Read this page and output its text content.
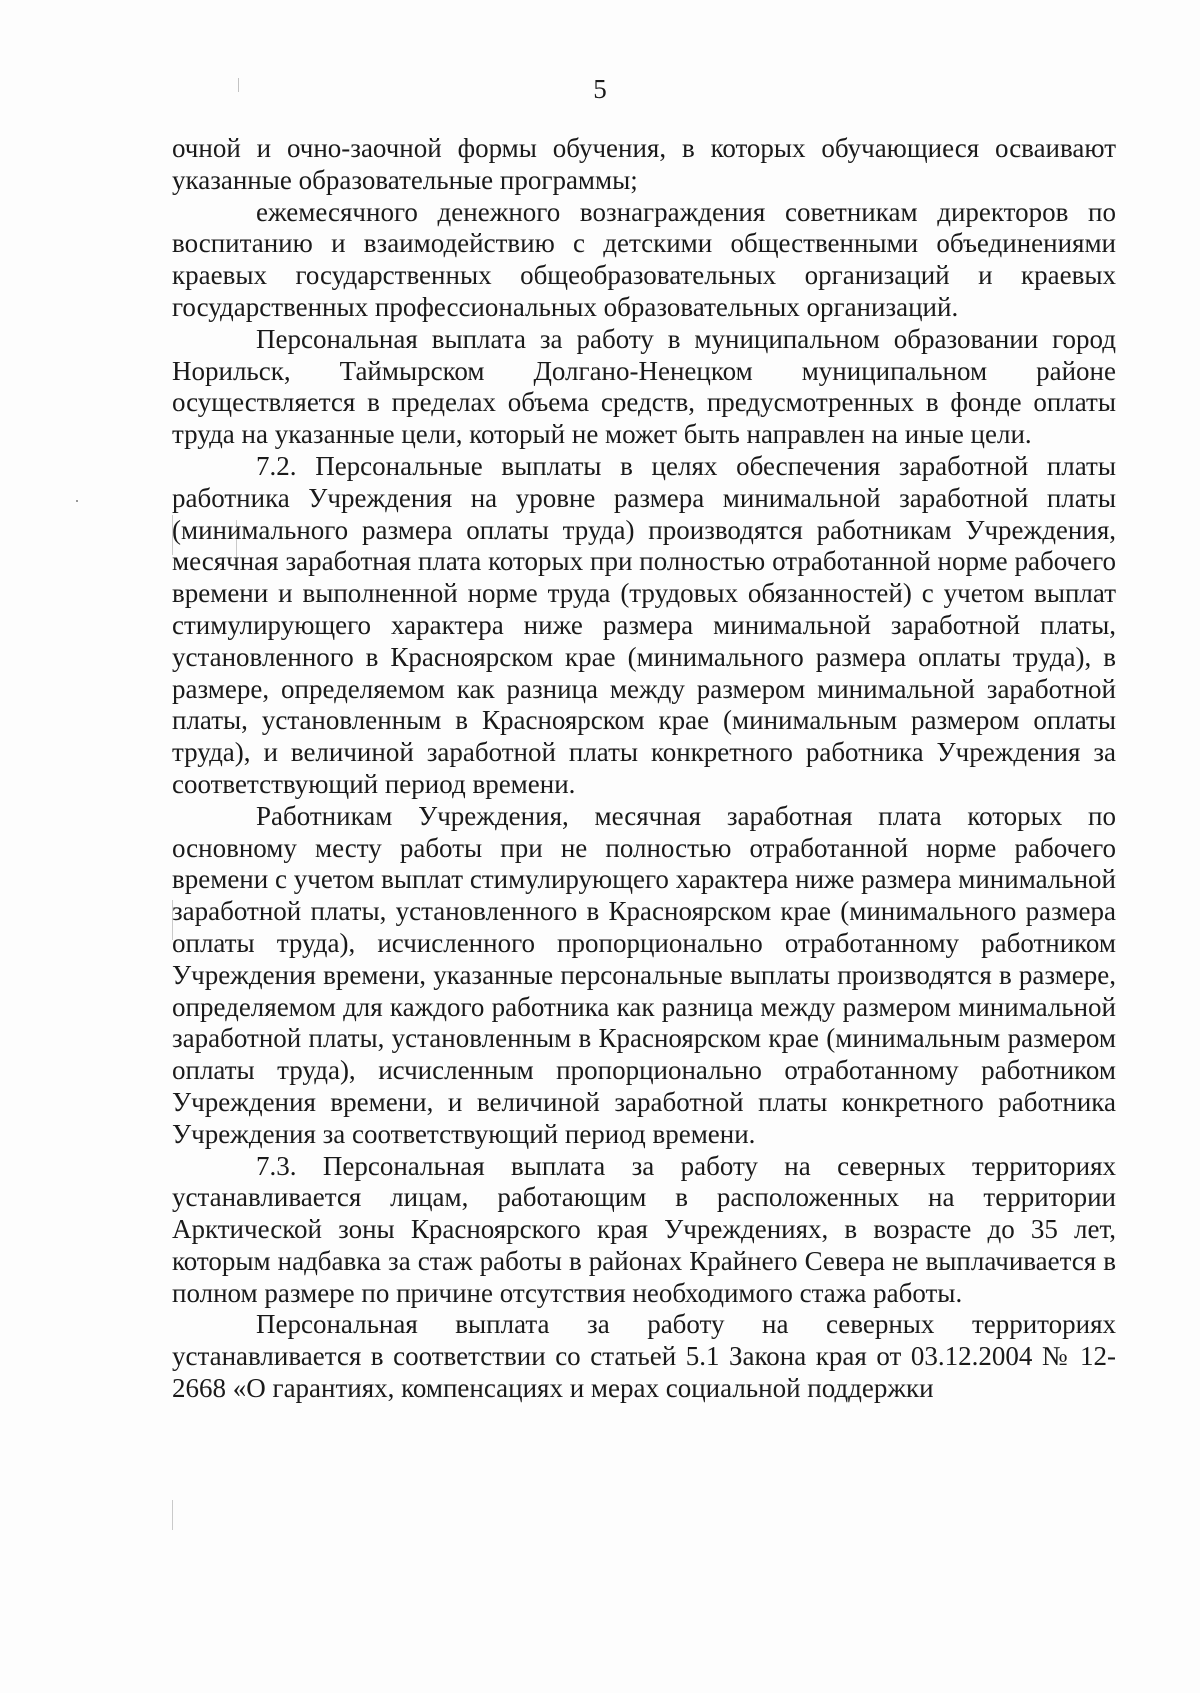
5

очной и очно-заочной формы обучения, в которых обучающиеся осваивают указанные образовательные программы;

ежемесячного денежного вознаграждения советникам директоров по воспитанию и взаимодействию с детскими общественными объединениями краевых государственных общеобразовательных организаций и краевых государственных профессиональных образовательных организаций.

Персональная выплата за работу в муниципальном образовании город Норильск, Таймырском Долгано-Ненецком муниципальном районе осуществляется в пределах объема средств, предусмотренных в фонде оплаты труда на указанные цели, который не может быть направлен на иные цели.

7.2. Персональные выплаты в целях обеспечения заработной платы работника Учреждения на уровне размера минимальной заработной платы (минимального размера оплаты труда) производятся работникам Учреждения, месячная заработная плата которых при полностью отработанной норме рабочего времени и выполненной норме труда (трудовых обязанностей) с учетом выплат стимулирующего характера ниже размера минимальной заработной платы, установленного в Красноярском крае (минимального размера оплаты труда), в размере, определяемом как разница между размером минимальной заработной платы, установленным в Красноярском крае (минимальным размером оплаты труда), и величиной заработной платы конкретного работника Учреждения за соответствующий период времени.

Работникам Учреждения, месячная заработная плата которых по основному месту работы при не полностью отработанной норме рабочего времени с учетом выплат стимулирующего характера ниже размера минимальной заработной платы, установленного в Красноярском крае (минимального размера оплаты труда), исчисленного пропорционально отработанному работником Учреждения времени, указанные персональные выплаты производятся в размере, определяемом для каждого работника как разница между размером минимальной заработной платы, установленным в Красноярском крае (минимальным размером оплаты труда), исчисленным пропорционально отработанному работником Учреждения времени, и величиной заработной платы конкретного работника Учреждения за соответствующий период времени.

7.3. Персональная выплата за работу на северных территориях устанавливается лицам, работающим в расположенных на территории Арктической зоны Красноярского края Учреждениях, в возрасте до 35 лет, которым надбавка за стаж работы в районах Крайнего Севера не выплачивается в полном размере по причине отсутствия необходимого стажа работы.

Персональная выплата за работу на северных территориях устанавливается в соответствии со статьей 5.1 Закона края от 03.12.2004 № 12-2668 «О гарантиях, компенсациях и мерах социальной поддержки
